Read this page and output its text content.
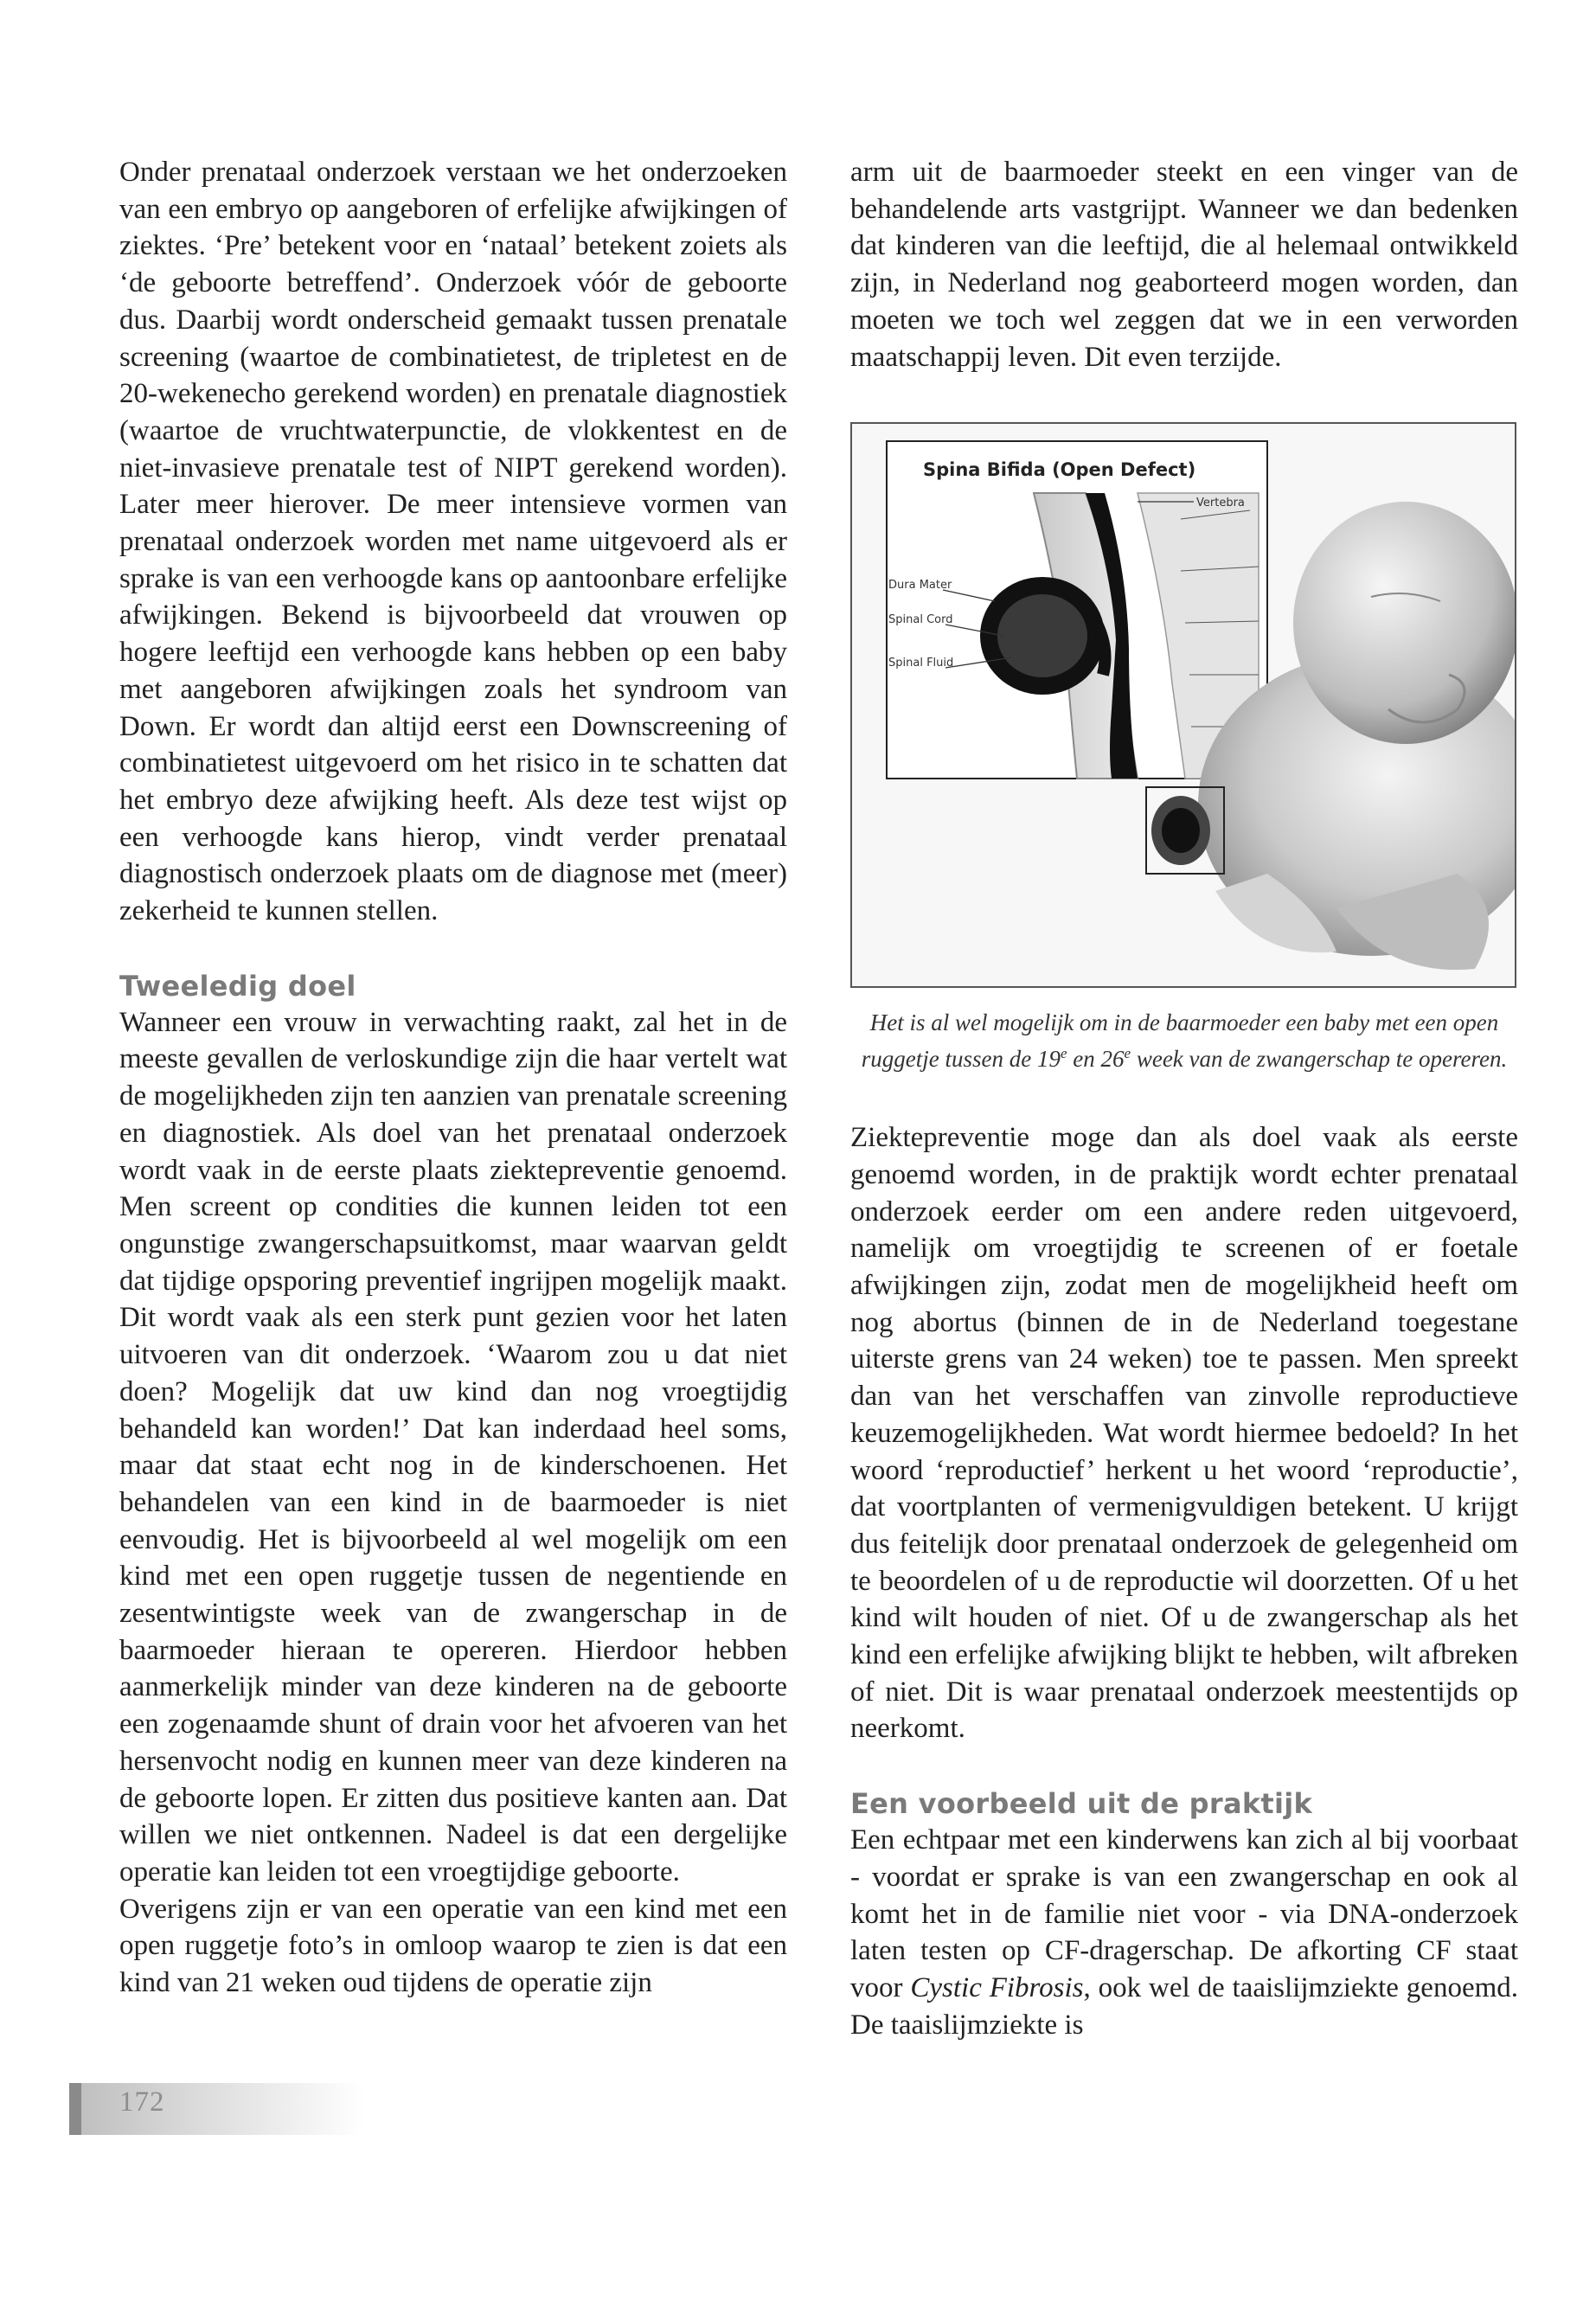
Onder prenataal onderzoek verstaan we het onderzoeken van een embryo op aangeboren of erfelijke afwijkingen of ziektes. ‘Pre’ betekent voor en ‘nataal’ betekent zoiets als ‘de geboorte betreffend’. Onderzoek vóór de geboorte dus. Daarbij wordt onderscheid gemaakt tussen prenatale screening (waartoe de combinatietest, de tripletest en de 20-wekenecho gerekend worden) en prenatale diagnostiek (waartoe de vruchtwaterpunctie, de vlokkentest en de niet-invasieve prenatale test of NIPT gerekend worden). Later meer hierover. De meer intensieve vormen van prenataal onderzoek worden met name uitgevoerd als er sprake is van een verhoogde kans op aantoonbare erfelijke afwijkingen. Bekend is bijvoorbeeld dat vrouwen op hogere leeftijd een verhoogde kans hebben op een baby met aangeboren afwijkingen zoals het syndroom van Down. Er wordt dan altijd eerst een Downscreening of combinatietest uitgevoerd om het risico in te schatten dat het embryo deze afwijking heeft. Als deze test wijst op een verhoogde kans hierop, vindt verder prenataal diagnostisch onderzoek plaats om de diagnose met (meer) zekerheid te kunnen stellen.

Tweeledig doel

Wanneer een vrouw in verwachting raakt, zal het in de meeste gevallen de verloskundige zijn die haar vertelt wat de mogelijkheden zijn ten aanzien van prenatale screening en diagnostiek. Als doel van het prenataal onderzoek wordt vaak in de eerste plaats ziektepreventie genoemd. Men screent op condities die kunnen leiden tot een ongunstige zwangerschapsuitkomst, maar waarvan geldt dat tijdige opsporing preventief ingrijpen mogelijk maakt. Dit wordt vaak als een sterk punt gezien voor het laten uitvoeren van dit onderzoek. ‘Waarom zou u dat niet doen? Mogelijk dat uw kind dan nog vroegtijdig behandeld kan worden!’ Dat kan inderdaad heel soms, maar dat staat echt nog in de kinderschoenen. Het behandelen van een kind in de baarmoeder is niet eenvoudig. Het is bijvoorbeeld al wel mogelijk om een kind met een open ruggetje tussen de negentiende en zesentwintigste week van de zwangerschap in de baarmoeder hieraan te opereren. Hierdoor hebben aanmerkelijk minder van deze kinderen na de geboorte een zogenaamde shunt of drain voor het afvoeren van het hersenvocht nodig en kunnen meer van deze kinderen na de geboorte lopen. Er zitten dus positieve kanten aan. Dat willen we niet ontkennen. Nadeel is dat een dergelijke operatie kan leiden tot een vroegtijdige geboorte.

Overigens zijn er van een operatie van een kind met een open ruggetje foto’s in omloop waarop te zien is dat een kind van 21 weken oud tijdens de operatie zijn

arm uit de baarmoeder steekt en een vinger van de behandelende arts vastgrijpt. Wanneer we dan bedenken dat kinderen van die leeftijd, die al helemaal ontwikkeld zijn, in Nederland nog geaborteerd mogen worden, dan moeten we toch wel zeggen dat we in een verworden maatschappij leven. Dit even terzijde.

Spina Bifida (Open Defect)
Vertebra
Dura Mater
Spinal Cord
Spinal Fluid

Het is al wel mogelijk om in de baarmoeder een baby met een open ruggetje tussen de 19e en 26e week van de zwangerschap te opereren.

Ziektepreventie moge dan als doel vaak als eerste genoemd worden, in de praktijk wordt echter prenataal onderzoek eerder om een andere reden uitgevoerd, namelijk om vroegtijdig te screenen of er foetale afwijkingen zijn, zodat men de mogelijkheid heeft om nog abortus (binnen de in de Nederland toegestane uiterste grens van 24 weken) toe te passen. Men spreekt dan van het verschaffen van zinvolle reproductieve keuzemogelijkheden. Wat wordt hiermee bedoeld? In het woord ‘reproductief’ herkent u het woord ‘reproductie’, dat voortplanten of vermenigvuldigen betekent. U krijgt dus feitelijk door prenataal onderzoek de gelegenheid om te beoordelen of u de reproductie wil doorzetten. Of u het kind wilt houden of niet. Of u de zwangerschap als het kind een erfelijke afwijking blijkt te hebben, wilt afbreken of niet. Dit is waar prenataal onderzoek meestentijds op neerkomt.

Een voorbeeld uit de praktijk

Een echtpaar met een kinderwens kan zich al bij voorbaat - voordat er sprake is van een zwangerschap en ook al komt het in de familie niet voor - via DNA-onderzoek laten testen op CF-dragerschap. De afkorting CF staat voor Cystic Fibrosis, ook wel de taaislijmziekte genoemd. De taaislijmziekte is

172
